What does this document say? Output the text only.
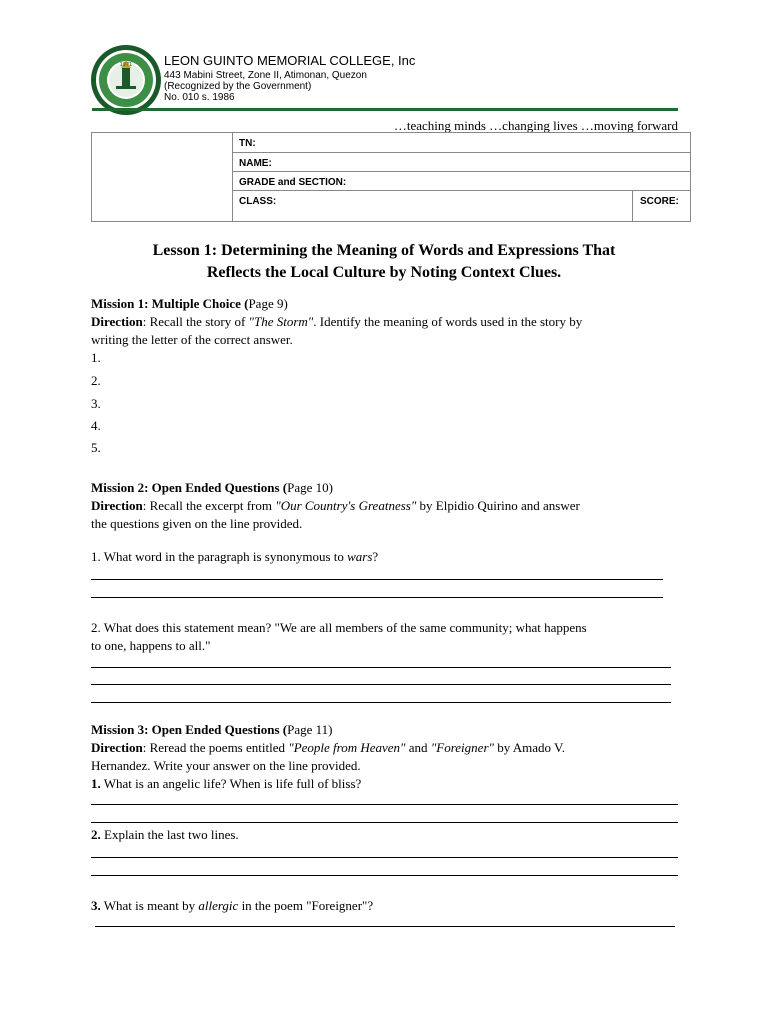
1971 LEON GUINTO MEMORIAL COLLEGE, Inc
443 Mabini Street, Zone II, Atimonan, Quezon
(Recognized by the Government)
No. 010 s. 1986
…teaching minds …changing lives …moving forward
TN:
NAME:
GRADE and SECTION:
CLASS:	SCORE:
Lesson 1: Determining the Meaning of Words and Expressions That
Reflects the Local Culture by Noting Context Clues.
Mission 1: Multiple Choice (Page 9)
Direction: Recall the story of "The Storm". Identify the meaning of words used in the story by
writing the letter of the correct answer.
1.
2.
3.
4.
5.
Mission 2: Open Ended Questions (Page 10)
Direction: Recall the excerpt from "Our Country's Greatness" by Elpidio Quirino and answer
the questions given on the line provided.
1. What word in the paragraph is synonymous to wars?
2. What does this statement mean? "We are all members of the same community; what happens
to one, happens to all."
Mission 3: Open Ended Questions (Page 11)
Direction: Reread the poems entitled "People from Heaven" and "Foreigner" by Amado V.
Hernandez. Write your answer on the line provided.
1. What is an angelic life? When is life full of bliss?
2. Explain the last two lines.
3. What is meant by allergic in the poem "Foreigner"?
